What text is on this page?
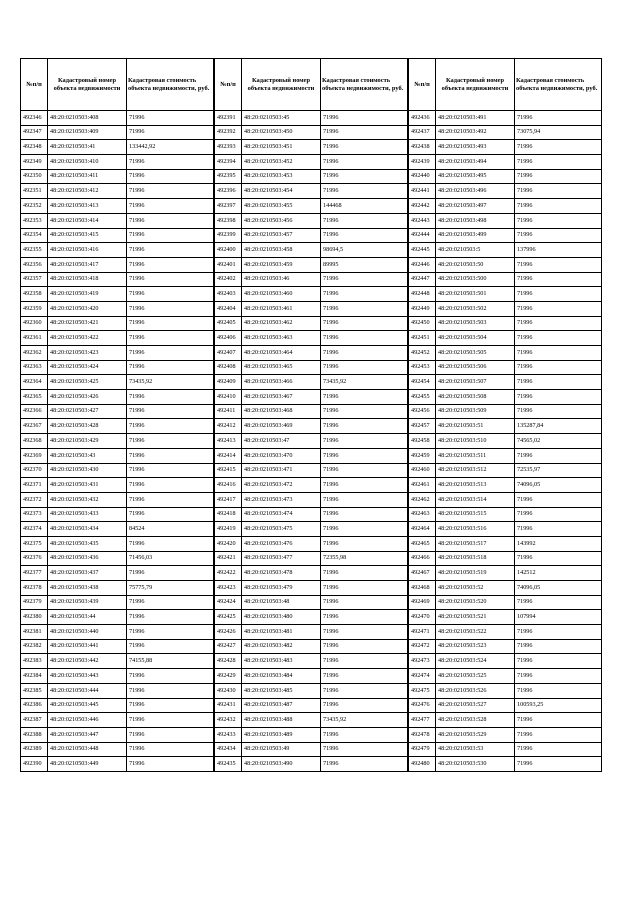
№п/п	Кадастровый номер объекта недвижимости	Кадастровая стоимость объекта недвижимости, руб.
492346	48:20:0210503:408	71996
492347	48:20:0210503:409	71996
492348	48:20:0210503:41	133442,92
492349	48:20:0210503:410	71996
492350	48:20:0210503:411	71996
492351	48:20:0210503:412	71996
492352	48:20:0210503:413	71996
492353	48:20:0210503:414	71996
492354	48:20:0210503:415	71996
492355	48:20:0210503:416	71996
492356	48:20:0210503:417	71996
492357	48:20:0210503:418	71996
492358	48:20:0210503:419	71996
492359	48:20:0210503:420	71996
492360	48:20:0210503:421	71996
492361	48:20:0210503:422	71996
492362	48:20:0210503:423	71996
492363	48:20:0210503:424	71996
492364	48:20:0210503:425	73435,92
492365	48:20:0210503:426	71996
492366	48:20:0210503:427	71996
492367	48:20:0210503:428	71996
492368	48:20:0210503:429	71996
492369	48:20:0210503:43	71996
492370	48:20:0210503:430	71996
492371	48:20:0210503:431	71996
492372	48:20:0210503:432	71996
492373	48:20:0210503:433	71996
492374	48:20:0210503:434	84524
492375	48:20:0210503:435	71996
492376	48:20:0210503:436	71456,03
492377	48:20:0210503:437	71996
492378	48:20:0210503:438	75775,79
492379	48:20:0210503:439	71996
492380	48:20:0210503:44	71996
492381	48:20:0210503:440	71996
492382	48:20:0210503:441	71996
492383	48:20:0210503:442	74155,88
492384	48:20:0210503:443	71996
492385	48:20:0210503:444	71996
492386	48:20:0210503:445	71996
492387	48:20:0210503:446	71996
492388	48:20:0210503:447	71996
492389	48:20:0210503:448	71996
492390	48:20:0210503:449	71996
№п/п	Кадастровый номер объекта недвижимости	Кадастровая стоимость объекта недвижимости, руб.
492391	48:20:0210503:45	71996
492392	48:20:0210503:450	71996
492393	48:20:0210503:451	71996
492394	48:20:0210503:452	71996
492395	48:20:0210503:453	71996
492396	48:20:0210503:454	71996
492397	48:20:0210503:455	144468
492398	48:20:0210503:456	71996
492399	48:20:0210503:457	71996
492400	48:20:0210503:458	98694,5
492401	48:20:0210503:459	89995
492402	48:20:0210503:46	71996
492403	48:20:0210503:460	71996
492404	48:20:0210503:461	71996
492405	48:20:0210503:462	71996
492406	48:20:0210503:463	71996
492407	48:20:0210503:464	71996
492408	48:20:0210503:465	71996
492409	48:20:0210503:466	73435,92
492410	48:20:0210503:467	71996
492411	48:20:0210503:468	71996
492412	48:20:0210503:469	71996
492413	48:20:0210503:47	71996
492414	48:20:0210503:470	71996
492415	48:20:0210503:471	71996
492416	48:20:0210503:472	71996
492417	48:20:0210503:473	71996
492418	48:20:0210503:474	71996
492419	48:20:0210503:475	71996
492420	48:20:0210503:476	71996
492421	48:20:0210503:477	72355,98
492422	48:20:0210503:478	71996
492423	48:20:0210503:479	71996
492424	48:20:0210503:48	71996
492425	48:20:0210503:480	71996
492426	48:20:0210503:481	71996
492427	48:20:0210503:482	71996
492428	48:20:0210503:483	71996
492429	48:20:0210503:484	71996
492430	48:20:0210503:485	71996
492431	48:20:0210503:487	71996
492432	48:20:0210503:488	73435,92
492433	48:20:0210503:489	71996
492434	48:20:0210503:49	71996
492435	48:20:0210503:490	71996
№п/п	Кадастровый номер объекта недвижимости	Кадастровая стоимость объекта недвижимости, руб.
492436	48:20:0210503:491	71996
492437	48:20:0210503:492	73075,94
492438	48:20:0210503:493	71996
492439	48:20:0210503:494	71996
492440	48:20:0210503:495	71996
492441	48:20:0210503:496	71996
492442	48:20:0210503:497	71996
492443	48:20:0210503:498	71996
492444	48:20:0210503:499	71996
492445	48:20:0210503:5	137996
492446	48:20:0210503:50	71996
492447	48:20:0210503:500	71996
492448	48:20:0210503:501	71996
492449	48:20:0210503:502	71996
492450	48:20:0210503:503	71996
492451	48:20:0210503:504	71996
492452	48:20:0210503:505	71996
492453	48:20:0210503:506	71996
492454	48:20:0210503:507	71996
492455	48:20:0210503:508	71996
492456	48:20:0210503:509	71996
492457	48:20:0210503:51	135287,84
492458	48:20:0210503:510	74565,02
492459	48:20:0210503:511	71996
492460	48:20:0210503:512	72535,97
492461	48:20:0210503:513	74096,05
492462	48:20:0210503:514	71996
492463	48:20:0210503:515	71996
492464	48:20:0210503:516	71996
492465	48:20:0210503:517	143992
492466	48:20:0210503:518	71996
492467	48:20:0210503:519	142512
492468	48:20:0210503:52	74096,05
492469	48:20:0210503:520	71996
492470	48:20:0210503:521	107994
492471	48:20:0210503:522	71996
492472	48:20:0210503:523	71996
492473	48:20:0210503:524	71996
492474	48:20:0210503:525	71996
492475	48:20:0210503:526	71996
492476	48:20:0210503:527	100593,25
492477	48:20:0210503:528	71996
492478	48:20:0210503:529	71996
492479	48:20:0210503:53	71996
492480	48:20:0210503:530	71996
